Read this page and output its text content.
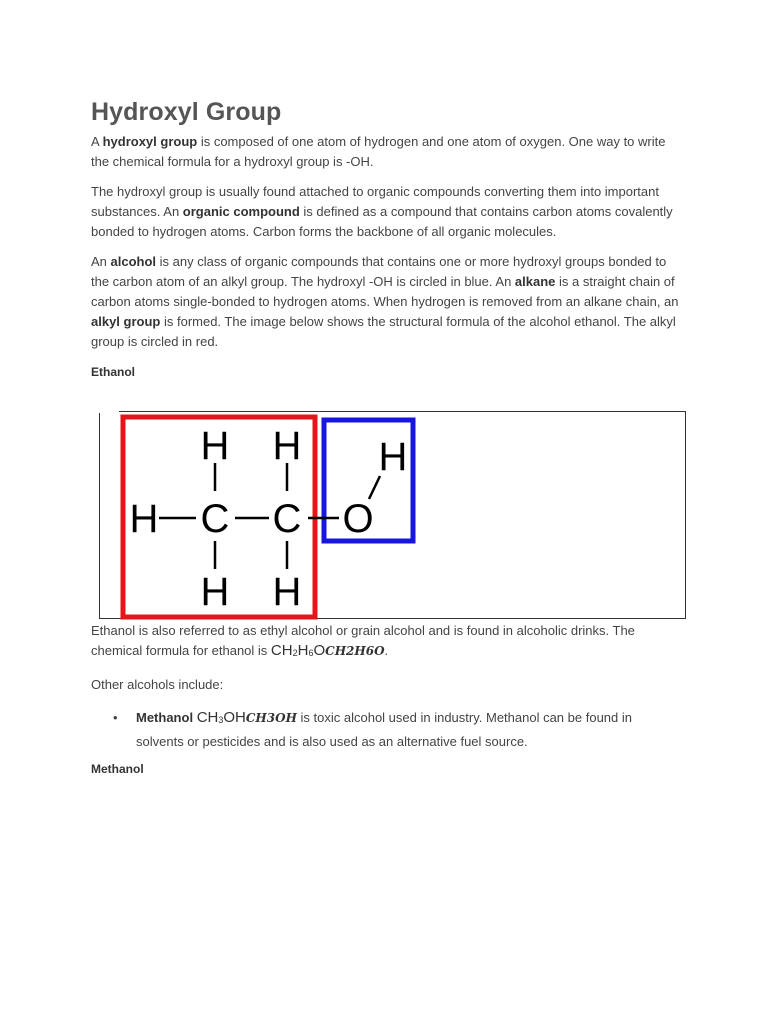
Hydroxyl Group

A hydroxyl group is composed of one atom of hydrogen and one atom of oxygen. One way to write the chemical formula for a hydroxyl group is -OH.

The hydroxyl group is usually found attached to organic compounds converting them into important substances. An organic compound is defined as a compound that contains carbon atoms covalently bonded to hydrogen atoms. Carbon forms the backbone of all organic molecules.

An alcohol is any class of organic compounds that contains one or more hydroxyl groups bonded to the carbon atom of an alkyl group. The hydroxyl -OH is circled in blue. An alkane is a straight chain of carbon atoms single-bonded to hydrogen atoms. When hydrogen is removed from an alkane chain, an alkyl group is formed. The image below shows the structural formula of the alcohol ethanol. The alkyl group is circled in red.

Ethanol
H H
H C C O
H
H H

Ethanol is also referred to as ethyl alcohol or grain alcohol and is found in alcoholic drinks. The chemical formula for ethanol is $CH_2H_6OCH2H6O$.

Other alcohols include:

• Methanol $CH_3OHCH3OH$ is toxic alcohol used in industry. Methanol can be found in solvents or pesticides and is also used as an alternative fuel source.
Methanol
